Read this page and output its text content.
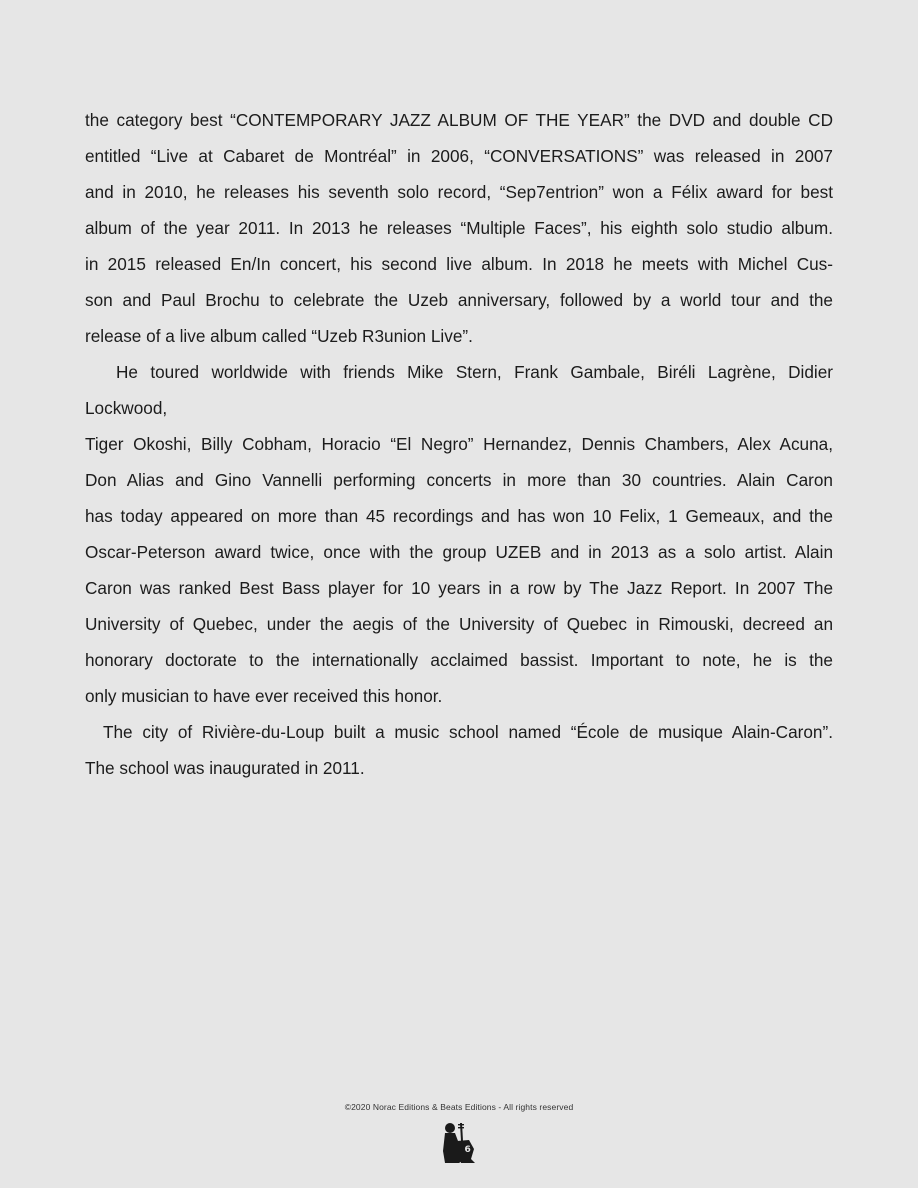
the category best “CONTEMPORARY JAZZ ALBUM OF THE YEAR” the DVD and double CD
entitled “Live at Cabaret de Montréal” in 2006, “CONVERSATIONS” was released in 2007
and in 2010, he releases his seventh solo record, “Sep7entrion” won a Félix award for best
album of the year 2011. In 2013 he releases “Multiple Faces”, his eighth solo studio album.
in 2015 released En/In concert, his second live album. In 2018 he meets with Michel Cus-
son and Paul Brochu to celebrate the Uzeb anniversary, followed by a world tour and the
release of a live album called “Uzeb R3union Live”.
He toured worldwide with friends Mike Stern, Frank Gambale, Biréli Lagrène, Didier
Lockwood,
Tiger Okoshi, Billy Cobham, Horacio “El Negro” Hernandez, Dennis Chambers, Alex Acuna,
Don Alias and Gino Vannelli performing concerts in more than 30 countries. Alain Caron
has today appeared on more than 45 recordings and has won 10 Felix, 1 Gemeaux, and the
Oscar-Peterson award twice, once with the group UZEB and in 2013 as a solo artist. Alain
Caron was ranked Best Bass player for 10 years in a row by The Jazz Report. In 2007 The
University of Quebec, under the aegis of the University of Quebec in Rimouski, decreed an
honorary doctorate to the internationally acclaimed bassist. Important to note, he is the
only musician to have ever received this honor.
The city of Rivière-du-Loup built a music school named “École de musique Alain-Caron”.
The school was inaugurated in 2011.
©2020 Norac Editions & Beats Editions - All rights reserved
6
